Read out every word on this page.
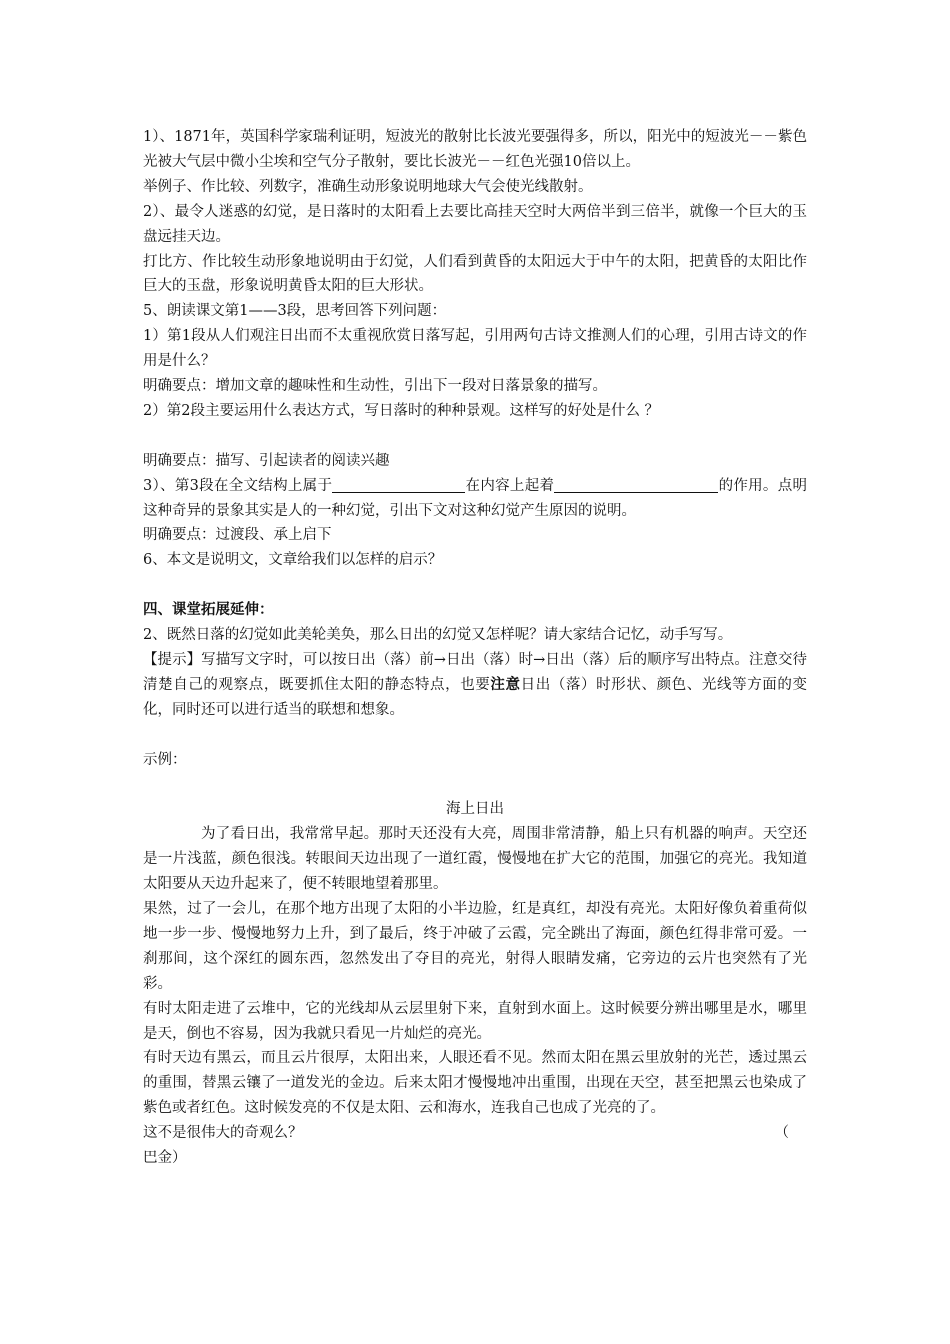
1）、1871年，英国科学家瑞利证明，短波光的散射比长波光要强得多，所以，阳光中的短波光－－紫色光被大气层中微小尘埃和空气分子散射，要比长波光－－红色光强10倍以上。

举例子、作比较、列数字，准确生动形象说明地球大气会使光线散射。

2）、最令人迷惑的幻觉，是日落时的太阳看上去要比高挂天空时大两倍半到三倍半，就像一个巨大的玉盘远挂天边。

打比方、作比较生动形象地说明由于幻觉，人们看到黄昏的太阳远大于中午的太阳，把黄昏的太阳比作巨大的玉盘，形象说明黄昏太阳的巨大形状。

5、朗读课文第1——3段，思考回答下列问题：

1）第1段从人们观注日出而不太重视欣赏日落写起，引用两句古诗文推测人们的心理，引用古诗文的作用是什么？

明确要点：增加文章的趣味性和生动性，引出下一段对日落景象的描写。

2）第2段主要运用什么表达方式，写日落时的种种景观。这样写的好处是什么 ？

明确要点：描写、引起读者的阅读兴趣

3）、第3段在全文结构上属于	在内容上起着	的作用。点明这种奇异的景象其实是人的一种幻觉，引出下文对这种幻觉产生原因的说明。

明确要点：过渡段、承上启下

6、本文是说明文，文章给我们以怎样的启示？

四、课堂拓展延伸：

2、既然日落的幻觉如此美轮美奂，那么日出的幻觉又怎样呢？请大家结合记忆，动手写写。

【提示】写描写文字时，可以按日出（落）前→日出（落）时→日出（落）后的顺序写出特点。注意交待清楚自己的观察点，既要抓住太阳的静态特点，也要注意日出（落）时形状、颜色、光线等方面的变化，同时还可以进行适当的联想和想象。

示例：

海上日出

为了看日出，我常常早起。那时天还没有大亮，周围非常清静，船上只有机器的响声。天空还是一片浅蓝，颜色很浅。转眼间天边出现了一道红霞，慢慢地在扩大它的范围，加强它的亮光。我知道太阳要从天边升起来了，便不转眼地望着那里。

果然，过了一会儿，在那个地方出现了太阳的小半边脸，红是真红，却没有亮光。太阳好像负着重荷似地一步一步、慢慢地努力上升，到了最后，终于冲破了云霞，完全跳出了海面，颜色红得非常可爱。一刹那间，这个深红的圆东西，忽然发出了夺目的亮光，射得人眼睛发痛，它旁边的云片也突然有了光彩。

有时太阳走进了云堆中，它的光线却从云层里射下来，直射到水面上。这时候要分辨出哪里是水，哪里是天，倒也不容易，因为我就只看见一片灿烂的亮光。

有时天边有黑云，而且云片很厚，太阳出来，人眼还看不见。然而太阳在黑云里放射的光芒，透过黑云的重围，替黑云镶了一道发光的金边。后来太阳才慢慢地冲出重围，出现在天空，甚至把黑云也染成了紫色或者红色。这时候发亮的不仅是太阳、云和海水，连我自己也成了光亮的了。

这不是很伟大的奇观么？	（

巴金）
